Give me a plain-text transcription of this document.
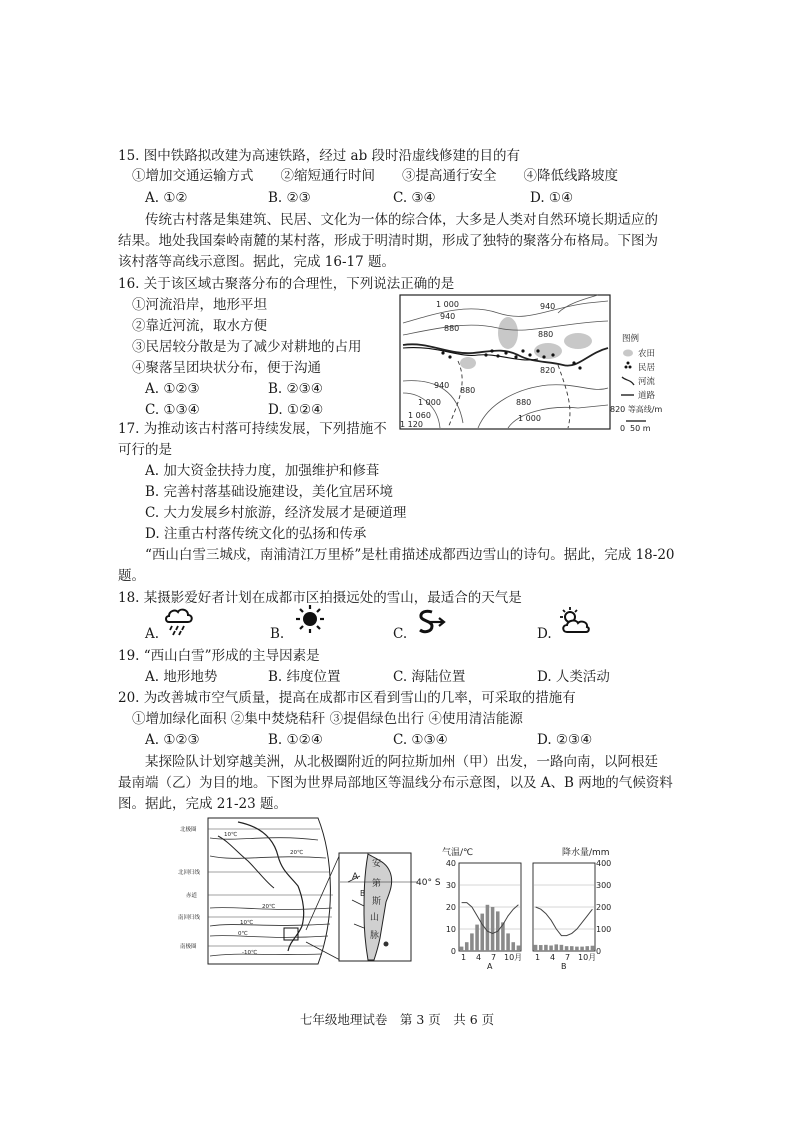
15. 图中铁路拟改建为高速铁路，经过 ab 段时沿虚线修建的目的有
①增加交通运输方式　　②缩短通行时间　　③提高通行安全　　④降低线路坡度
A. ①②	B. ②③	C. ③④	D. ①④
传统古村落是集建筑、民居、文化为一体的综合体，大多是人类对自然环境长期适应的
结果。地处我国秦岭南麓的某村落，形成于明清时期，形成了独特的聚落分布格局。下图为
该村落等高线示意图。据此，完成 16-17 题。
16. 关于该区域古聚落分布的合理性，下列说法正确的是
①河流沿岸，地形平坦
②靠近河流，取水方便
③民居较分散是为了减少对耕地的占用
④聚落呈团块状分布，便于沟通
A. ①②③	B. ②③④
C. ①③④	D. ①②④
1 000
940
880
940
880
820
940
880
1 000
1 060
1 120
880
1 000
图例
农田
民居
河流
道路
820 等高线/m
0 50 m
17. 为推动该古村落可持续发展，下列措施不
可行的是
A. 加大资金扶持力度，加强维护和修葺
B. 完善村落基础设施建设，美化宜居环境
C. 大力发展乡村旅游，经济发展才是硬道理
D. 注重古村落传统文化的弘扬和传承
“西山白雪三城戍，南浦清江万里桥”是杜甫描述成都西边雪山的诗句。据此，完成 18-20
题。
18. 某摄影爱好者计划在成都市区拍摄远处的雪山，最适合的天气是
A.	B.	C.	D.
19. “西山白雪”形成的主导因素是
A. 地形地势	B. 纬度位置	C. 海陆位置	D. 人类活动
20. 为改善城市空气质量，提高在成都市区看到雪山的几率，可采取的措施有
①增加绿化面积 ②集中焚烧秸秆 ③提倡绿色出行 ④使用清洁能源
A. ①②③	B. ①②④	C. ①③④	D. ②③④
某探险队计划穿越美洲，从北极圈附近的阿拉斯加州（甲）出发，一路向南，以阿根廷
最南端（乙）为目的地。下图为世界局部地区等温线分布示意图，以及 A、B 两地的气候资料
图。据此，完成 21-23 题。
北极圈
北回归线
赤道
南回归线
南极圈
10℃
20℃
20℃
10℃
0℃
-10℃
A
安
第
B
斯
山
脉
40° S
气温/℃	降水量/mm
40
30
20
10
0
400
300
200
100
0
1 4 7 10月 1 4 7 10月
A	B
七年级地理试卷　第 3 页　共 6 页
